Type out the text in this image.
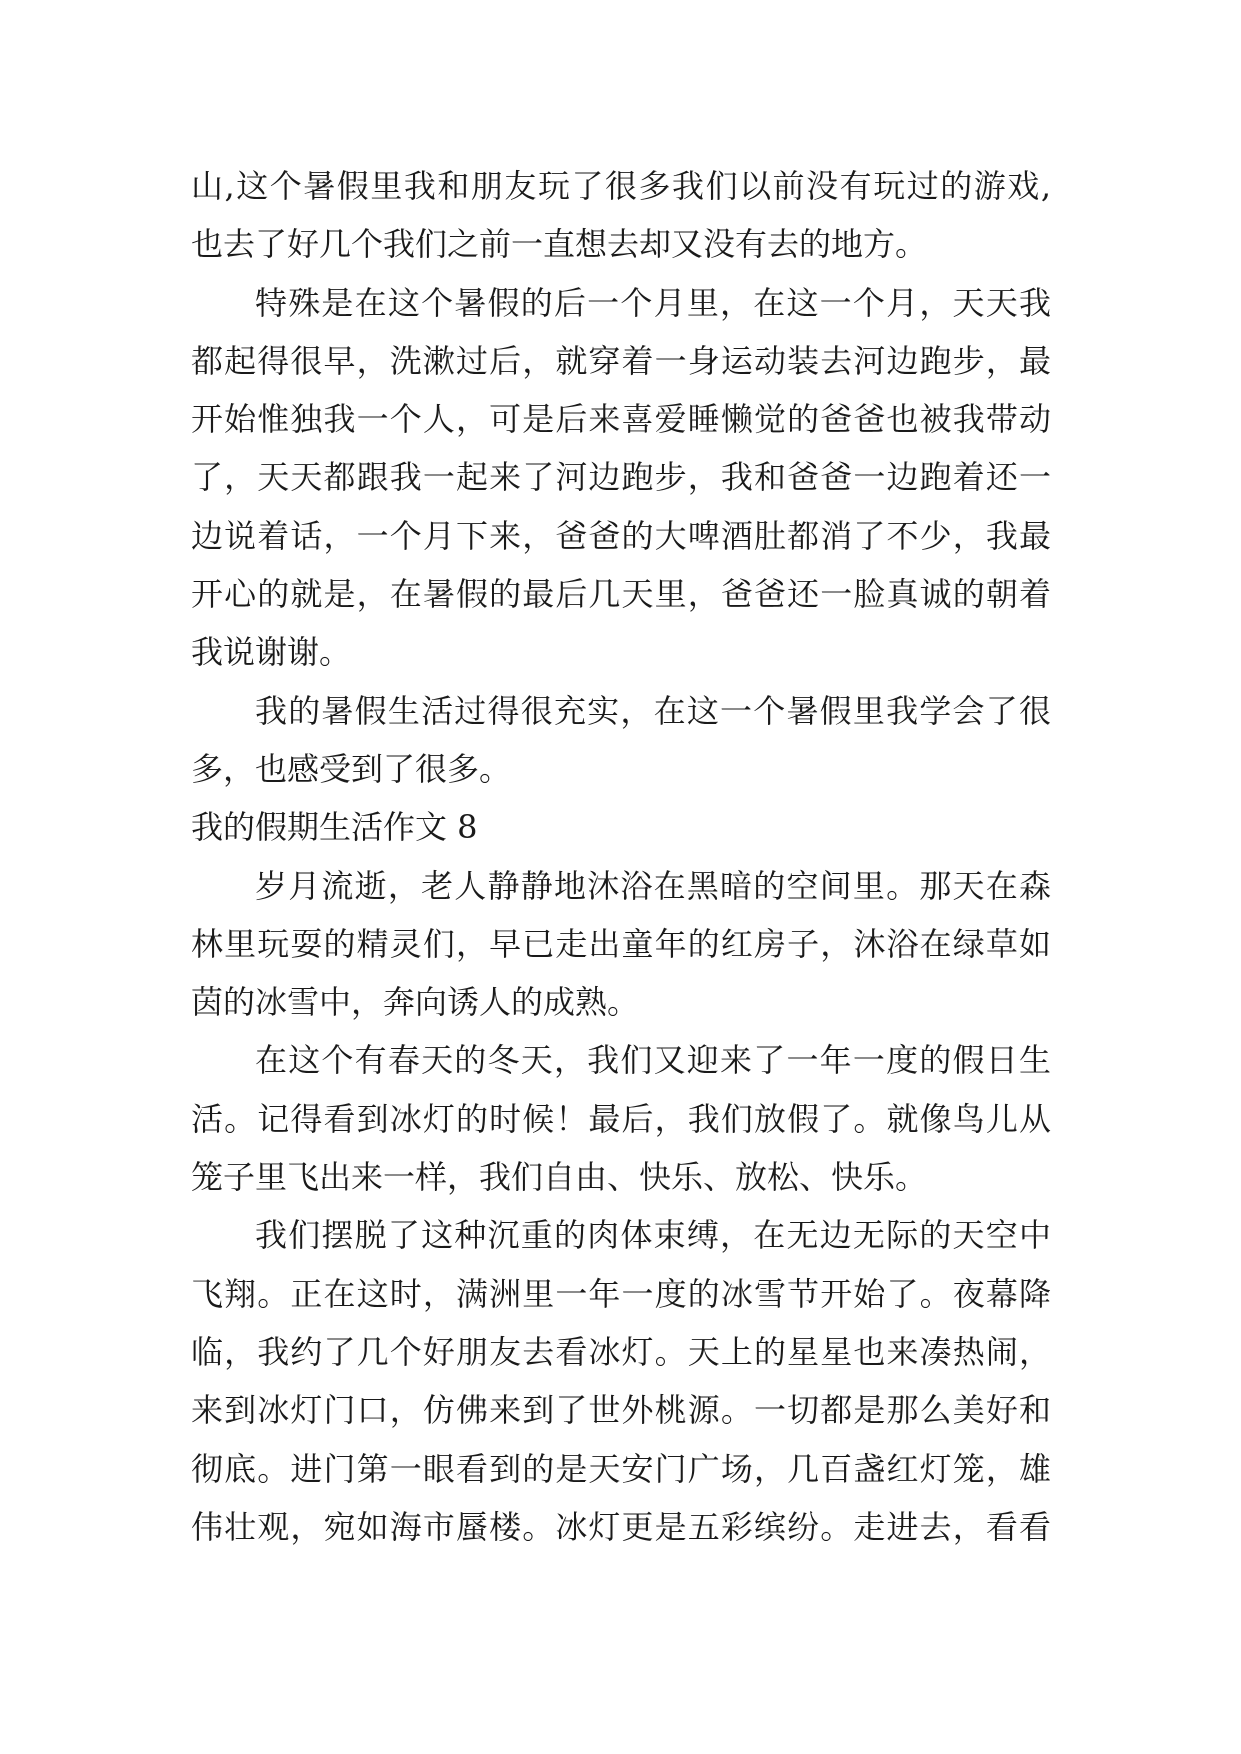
山,这个暑假里我和朋友玩了很多我们以前没有玩过的游戏,
也去了好几个我们之前一直想去却又没有去的地方。
特殊是在这个暑假的后一个月里，在这一个月，天天我
都起得很早，洗漱过后，就穿着一身运动装去河边跑步，最
开始惟独我一个人，可是后来喜爱睡懒觉的爸爸也被我带动
了，天天都跟我一起来了河边跑步，我和爸爸一边跑着还一
边说着话，一个月下来，爸爸的大啤酒肚都消了不少，我最
开心的就是，在暑假的最后几天里，爸爸还一脸真诚的朝着
我说谢谢。
我的暑假生活过得很充实，在这一个暑假里我学会了很
多，也感受到了很多。
我的假期生活作文 8
岁月流逝，老人静静地沐浴在黑暗的空间里。那天在森
林里玩耍的精灵们，早已走出童年的红房子，沐浴在绿草如
茵的冰雪中，奔向诱人的成熟。
在这个有春天的冬天，我们又迎来了一年一度的假日生
活。记得看到冰灯的时候！最后，我们放假了。就像鸟儿从
笼子里飞出来一样，我们自由、快乐、放松、快乐。
我们摆脱了这种沉重的肉体束缚，在无边无际的天空中
飞翔。正在这时，满洲里一年一度的冰雪节开始了。夜幕降
临，我约了几个好朋友去看冰灯。天上的星星也来凑热闹，
来到冰灯门口，仿佛来到了世外桃源。一切都是那么美好和
彻底。进门第一眼看到的是天安门广场，几百盏红灯笼，雄
伟壮观，宛如海市蜃楼。冰灯更是五彩缤纷。走进去，看看
